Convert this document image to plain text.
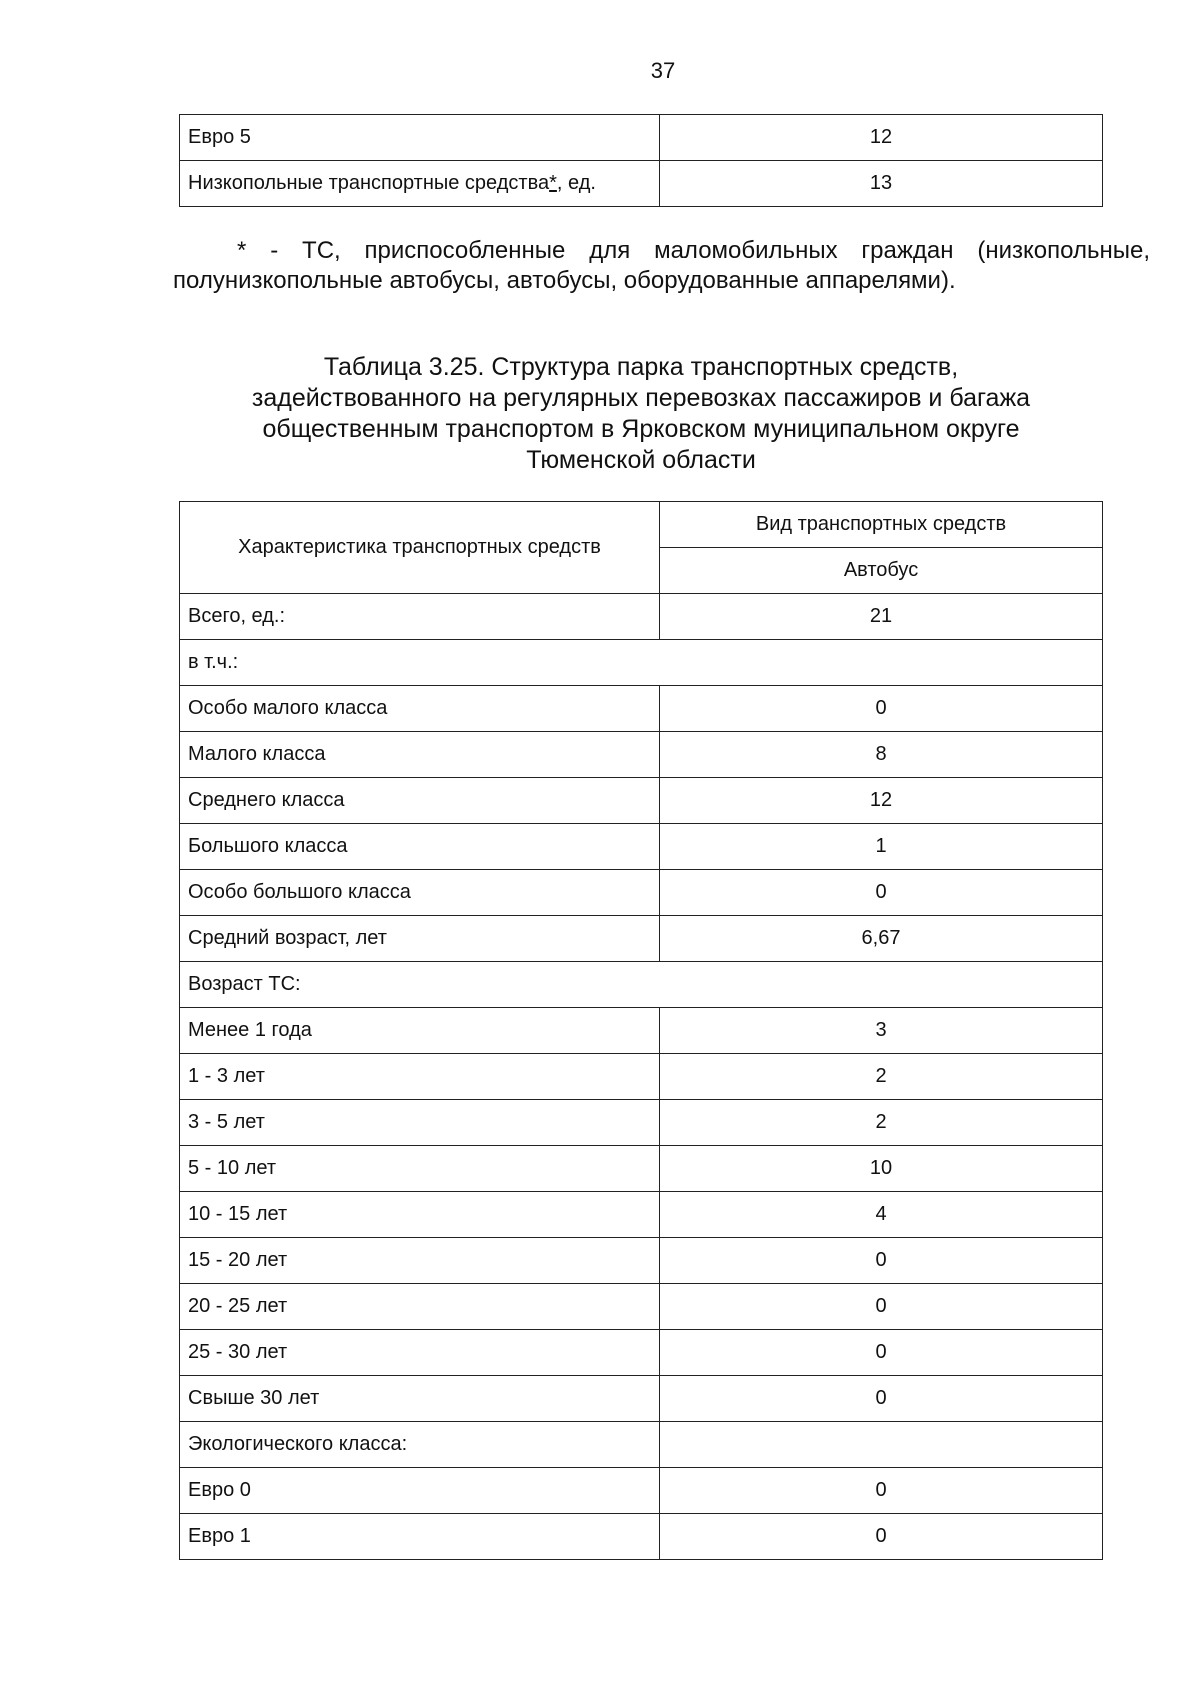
37
Евро 5	12
Низкопольные транспортные средства*, ед.	13
* - ТС, приспособленные для маломобильных граждан (низкопольные,
полунизкопольные автобусы, автобусы, оборудованные аппарелями).
Таблица 3.25. Структура парка транспортных средств,
задействованного на регулярных перевозках пассажиров и багажа
общественным транспортом в Ярковском муниципальном округе
Тюменской области
Характеристика транспортных средств	Вид транспортных средств
	Автобус
Всего, ед.:	21
в т.ч.:	
Особо малого класса	0
Малого класса	8
Среднего класса	12
Большого класса	1
Особо большого класса	0
Средний возраст, лет	6,67
Возраст ТС:	
Менее 1 года	3
1 - 3 лет	2
3 - 5 лет	2
5 - 10 лет	10
10 - 15 лет	4
15 - 20 лет	0
20 - 25 лет	0
25 - 30 лет	0
Свыше 30 лет	0
Экологического класса:	
Евро 0	0
Евро 1	0
